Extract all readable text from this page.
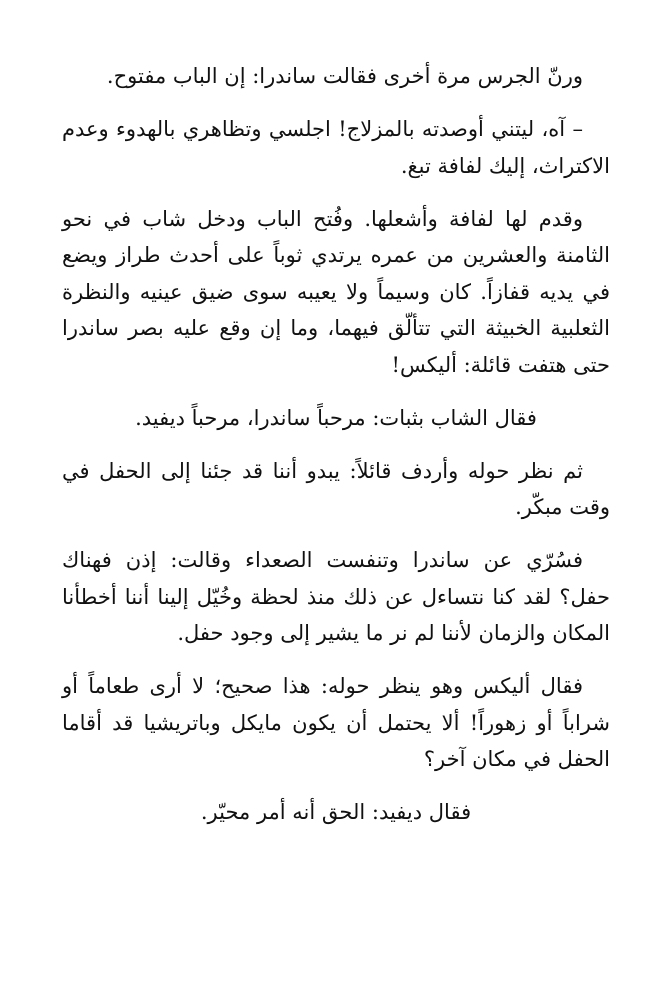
ورنّ الجرس مرة أخرى فقالت ساندرا: إن الباب مفتوح.

– آه، ليتني أوصدته بالمزلاج! اجلسي وتظاهري بالهدوء وعدم الاكتراث، إليك لفافة تبغ.

وقدم لها لفافة وأشعلها. وفُتح الباب ودخل شاب في نحو الثامنة والعشرين من عمره يرتدي ثوباً على أحدث طراز ويضع في يديه قفازاً. كان وسيماً ولا يعيبه سوى ضيق عينيه والنظرة الثعلبية الخبيثة التي تتألّق فيهما، وما إن وقع عليه بصر ساندرا حتى هتفت قائلة: أليكس!

فقال الشاب بثبات: مرحباً ساندرا، مرحباً ديفيد.

ثم نظر حوله وأردف قائلاً: يبدو أننا قد جئنا إلى الحفل في وقت مبكّر.

فسُرّي عن ساندرا وتنفست الصعداء وقالت: إذن فهناك حفل؟ لقد كنا نتساءل عن ذلك منذ لحظة وخُيّل إلينا أننا أخطأنا المكان والزمان لأننا لم نر ما يشير إلى وجود حفل.

فقال أليكس وهو ينظر حوله: هذا صحيح؛ لا أرى طعاماً أو شراباً أو زهوراً! ألا يحتمل أن يكون مايكل وباتريشيا قد أقاما الحفل في مكان آخر؟

فقال ديفيد: الحق أنه أمر محيّر.
